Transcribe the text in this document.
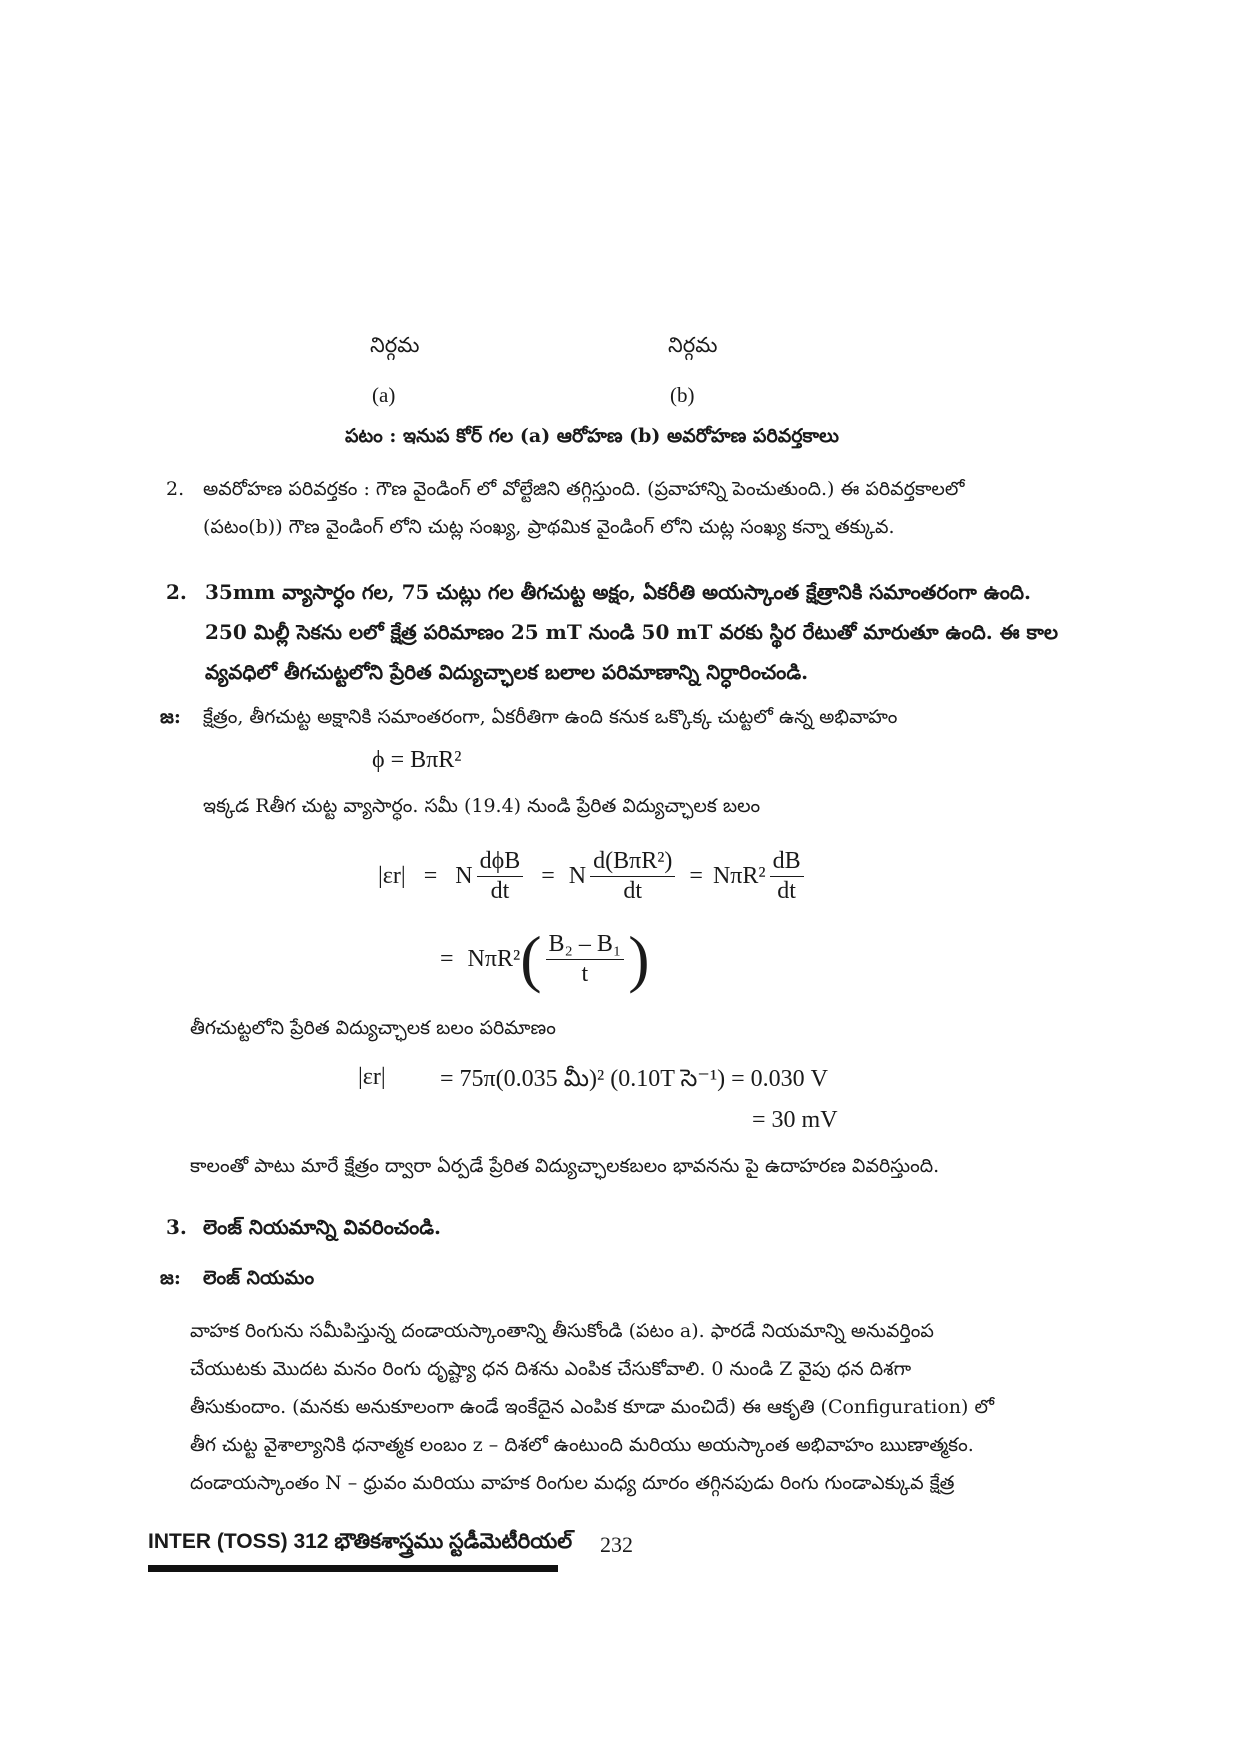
నిర్గమ	నిర్గమ
(a)	(b)
పటం : ఇనుప కోర్ గల (a) ఆరోహణ (b) అవరోహణ పరివర్తకాలు
2. అవరోహణ పరివర్తకం : గౌణ వైండింగ్ లో వోల్టేజిని తగ్గిస్తుంది. (ప్రవాహాన్ని పెంచుతుంది.) ఈ పరివర్తకాలలో
(పటం(b)) గౌణ వైండింగ్ లోని చుట్ల సంఖ్య, ప్రాథమిక వైండింగ్ లోని చుట్ల సంఖ్య కన్నా తక్కువ.
2. 35mm వ్యాసార్ధం గల, 75 చుట్లు గల తీగచుట్ట అక్షం, ఏకరీతి అయస్కాంత క్షేత్రానికి సమాంతరంగా ఉంది.
250 మిల్లీ సెకను లలో క్షేత్ర పరిమాణం 25 mT నుండి 50 mT వరకు స్థిర రేటుతో మారుతూ ఉంది. ఈ కాల
వ్యవధిలో తీగచుట్టలోని ప్రేరిత విద్యుచ్ఛాలక బలాల పరిమాణాన్ని నిర్ధారించండి.
జ: క్షేత్రం, తీగచుట్ట అక్షానికి సమాంతరంగా, ఏకరీతిగా ఉంది కనుక ఒక్కొక్క చుట్టలో ఉన్న అభివాహం
ϕ = BπR²
ఇక్కడ Rతీగ చుట్ట వ్యాసార్ధం. సమీ (19.4) నుండి ప్రేరిత విద్యుచ్ఛాలక బలం
|εr| = N $\frac{\text{dϕB}}{dt} = N \frac{\text{d(BπR²)}}{dt} = N\pi R^2 \frac{dB}{dt}$
= NπR² ( $\frac{\text{B₂ – B₁}}{t}$ )
తీగచుట్టలోని ప్రేరిత విద్యుచ్ఛాలక బలం పరిమాణం
|εr| = 75π(0.035 మీ)² (0.10T సె⁻¹) = 0.030 V
= 30 mV
కాలంతో పాటు మారే క్షేత్రం ద్వారా ఏర్పడే ప్రేరిత విద్యుచ్ఛాలకబలం భావనను పై ఉదాహరణ వివరిస్తుంది.
3. లెంజ్ నియమాన్ని వివరించండి.
జ: లెంజ్ నియమం
వాహక రింగును సమీపిస్తున్న దండాయస్కాంతాన్ని తీసుకోండి (పటం a). ఫారడే నియమాన్ని అనువర్తింప
చేయుటకు మొదట మనం రింగు దృష్ట్యా ధన దిశను ఎంపిక చేసుకోవాలి. 0 నుండి Z వైపు ధన దిశగా
తీసుకుందాం. (మనకు అనుకూలంగా ఉండే ఇంకేదైన ఎంపిక కూడా మంచిదే) ఈ ఆకృతి (Configuration) లో
తీగ చుట్ట వైశాల్యానికి ధనాత్మక లంబం z – దిశలో ఉంటుంది మరియు అయస్కాంత అభివాహం ఋణాత్మకం.
దండాయస్కాంతం N – ధ్రువం మరియు వాహక రింగుల మధ్య దూరం తగ్గినపుడు రింగు గుండాఎక్కువ క్షేత్ర
INTER (TOSS) 312 భౌతికశాస్త్రము స్టడీమెటీరియల్ 232
